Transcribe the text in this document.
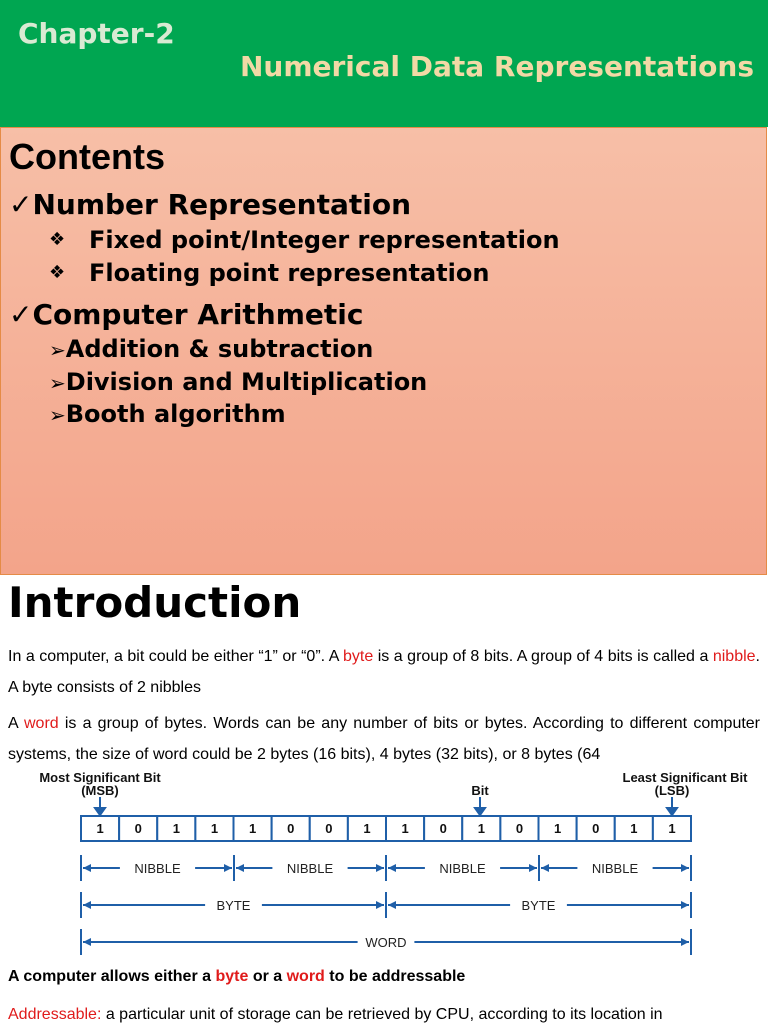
Chapter-2
Numerical Data Representations
Contents
✓Number Representation
❖ Fixed point/Integer representation
❖ Floating point representation
✓Computer Arithmetic
➢Addition & subtraction
➢Division and Multiplication
➢Booth algorithm
Introduction
In a computer, a bit could be either “1” or “0”. A byte is a group of 8 bits. A group of 4 bits is called a nibble. A byte consists of 2 nibbles
A word is a group of bytes. Words can be any number of bits or bytes. According to different computer systems, the size of word could be 2 bytes (16 bits), 4 bytes (32 bits), or 8 bytes (64
Most Significant Bit
(MSB)	Bit
Least Significant Bit
(LSB)
1 0 1 1 1 0 0 1 1 0 1 0 1 0 1 1
NIBBLE	NIBBLE	NIBBLE	NIBBLE
BYTE	BYTE
WORD
A computer allows either a byte or a word to be addressable
Addressable: a particular unit of storage can be retrieved by CPU, according to its location in
